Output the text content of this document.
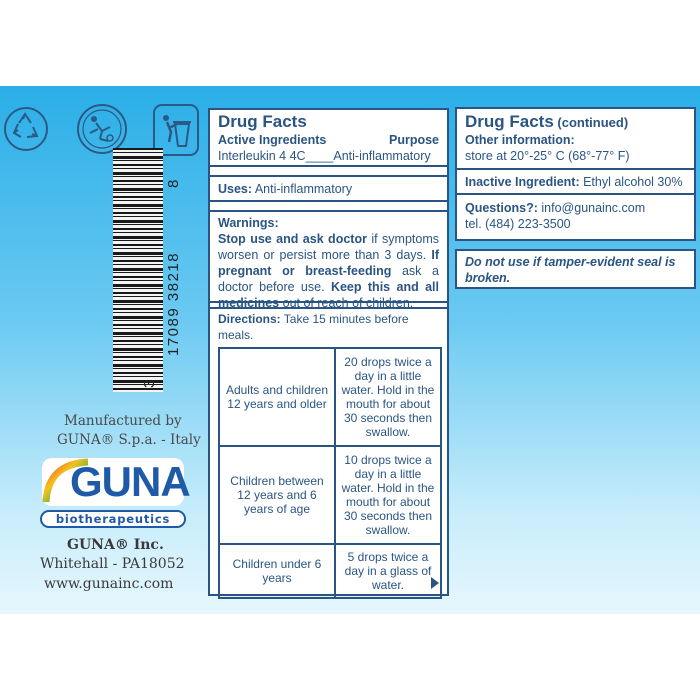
8
17089 38218
3
Manufactured by
GUNA® S.p.a. - Italy
GUNA
biotherapeutics
GUNA® Inc.
Whitehall - PA18052
www.gunainc.com
Drug Facts
Active Ingredients	Purpose
Interleukin 4 4C____Anti-inflammatory
Uses: Anti-inflammatory
Warnings:
Stop use and ask doctor if symptoms worsen or persist more than 3 days. If pregnant or breast-feeding ask a doctor before use. Keep this and all medicines out of reach of children.
Directions: Take 15 minutes before meals.
Adults and children 12 years and older	20 drops twice a day in a little water. Hold in the mouth for about 30 seconds then swallow.
Children between 12 years and 6 years of age	10 drops twice a day in a little water. Hold in the mouth for about 30 seconds then swallow.
Children under 6 years	5 drops twice a day in a glass of water.
Drug Facts (continued)
Other information:
store at 20°-25° C (68°-77° F)
Inactive Ingredient: Ethyl alcohol 30%
Questions?: info@gunainc.com
tel. (484) 223-3500
Do not use if tamper-evident seal is broken.
